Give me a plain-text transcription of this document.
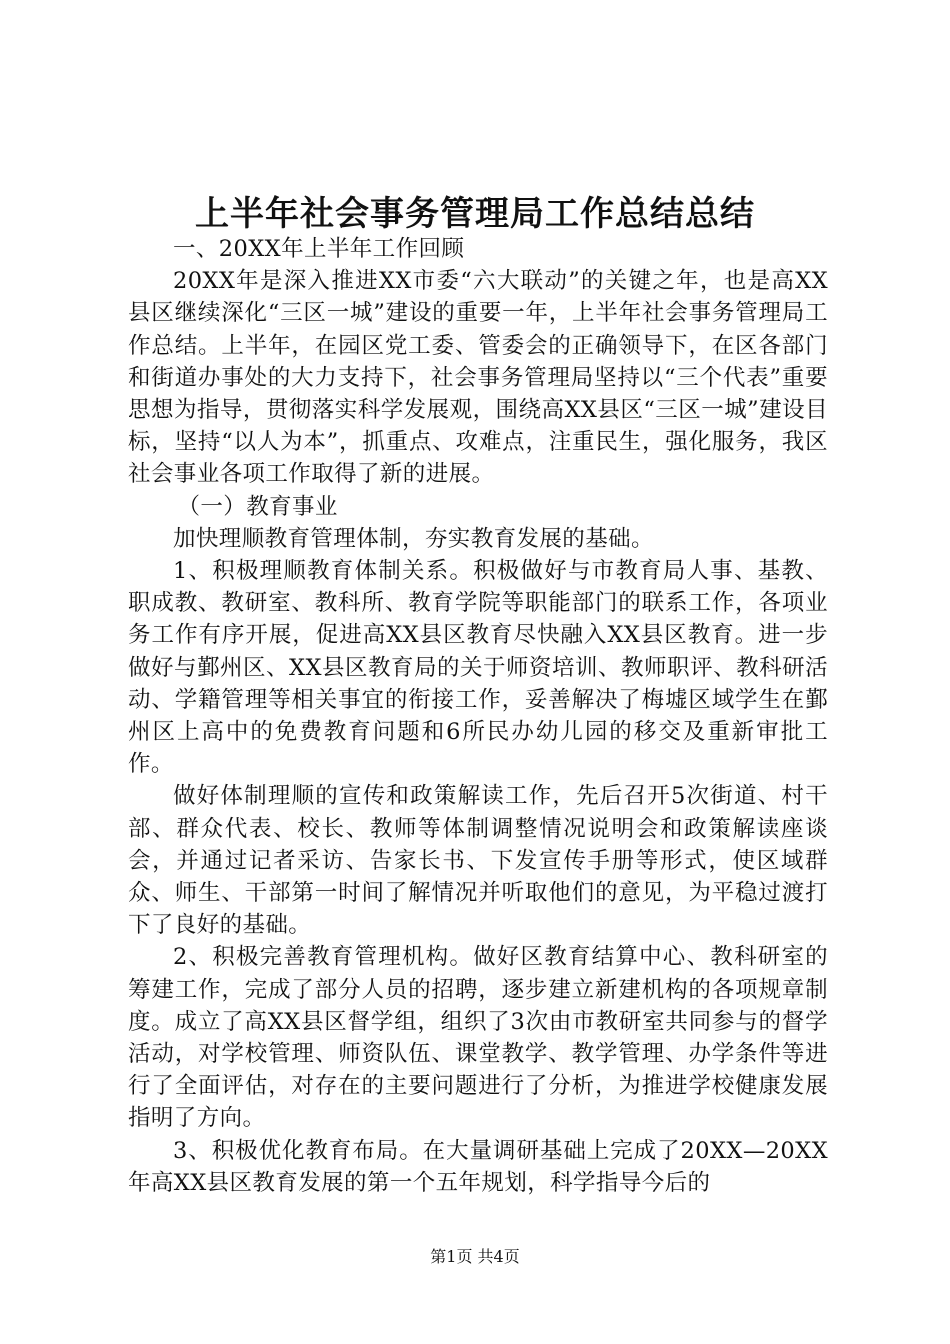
上半年社会事务管理局工作总结总结

一、20XX年上半年工作回顾

20XX年是深入推进XX市委“六大联动”的关键之年，也是高XX县区继续深化“三区一城”建设的重要一年，上半年社会事务管理局工作总结。上半年，在园区党工委、管委会的正确领导下，在区各部门和街道办事处的大力支持下，社会事务管理局坚持以“三个代表”重要思想为指导，贯彻落实科学发展观，围绕高XX县区“三区一城”建设目标，坚持“以人为本”，抓重点、攻难点，注重民生，强化服务，我区社会事业各项工作取得了新的进展。

（一）教育事业

加快理顺教育管理体制，夯实教育发展的基础。

1、积极理顺教育体制关系。积极做好与市教育局人事、基教、职成教、教研室、教科所、教育学院等职能部门的联系工作，各项业务工作有序开展，促进高XX县区教育尽快融入XX县区教育。进一步做好与鄞州区、XX县区教育局的关于师资培训、教师职评、教科研活动、学籍管理等相关事宜的衔接工作，妥善解决了梅墟区域学生在鄞州区上高中的免费教育问题和6所民办幼儿园的移交及重新审批工作。

做好体制理顺的宣传和政策解读工作，先后召开5次街道、村干部、群众代表、校长、教师等体制调整情况说明会和政策解读座谈会，并通过记者采访、告家长书、下发宣传手册等形式，使区域群众、师生、干部第一时间了解情况并听取他们的意见，为平稳过渡打下了良好的基础。

2、积极完善教育管理机构。做好区教育结算中心、教科研室的筹建工作，完成了部分人员的招聘，逐步建立新建机构的各项规章制度。成立了高XX县区督学组，组织了3次由市教研室共同参与的督学活动，对学校管理、师资队伍、课堂教学、教学管理、办学条件等进行了全面评估，对存在的主要问题进行了分析，为推进学校健康发展指明了方向。

3、积极优化教育布局。在大量调研基础上完成了20XX—20XX年高XX县区教育发展的第一个五年规划，科学指导今后的

第1页 共4页
